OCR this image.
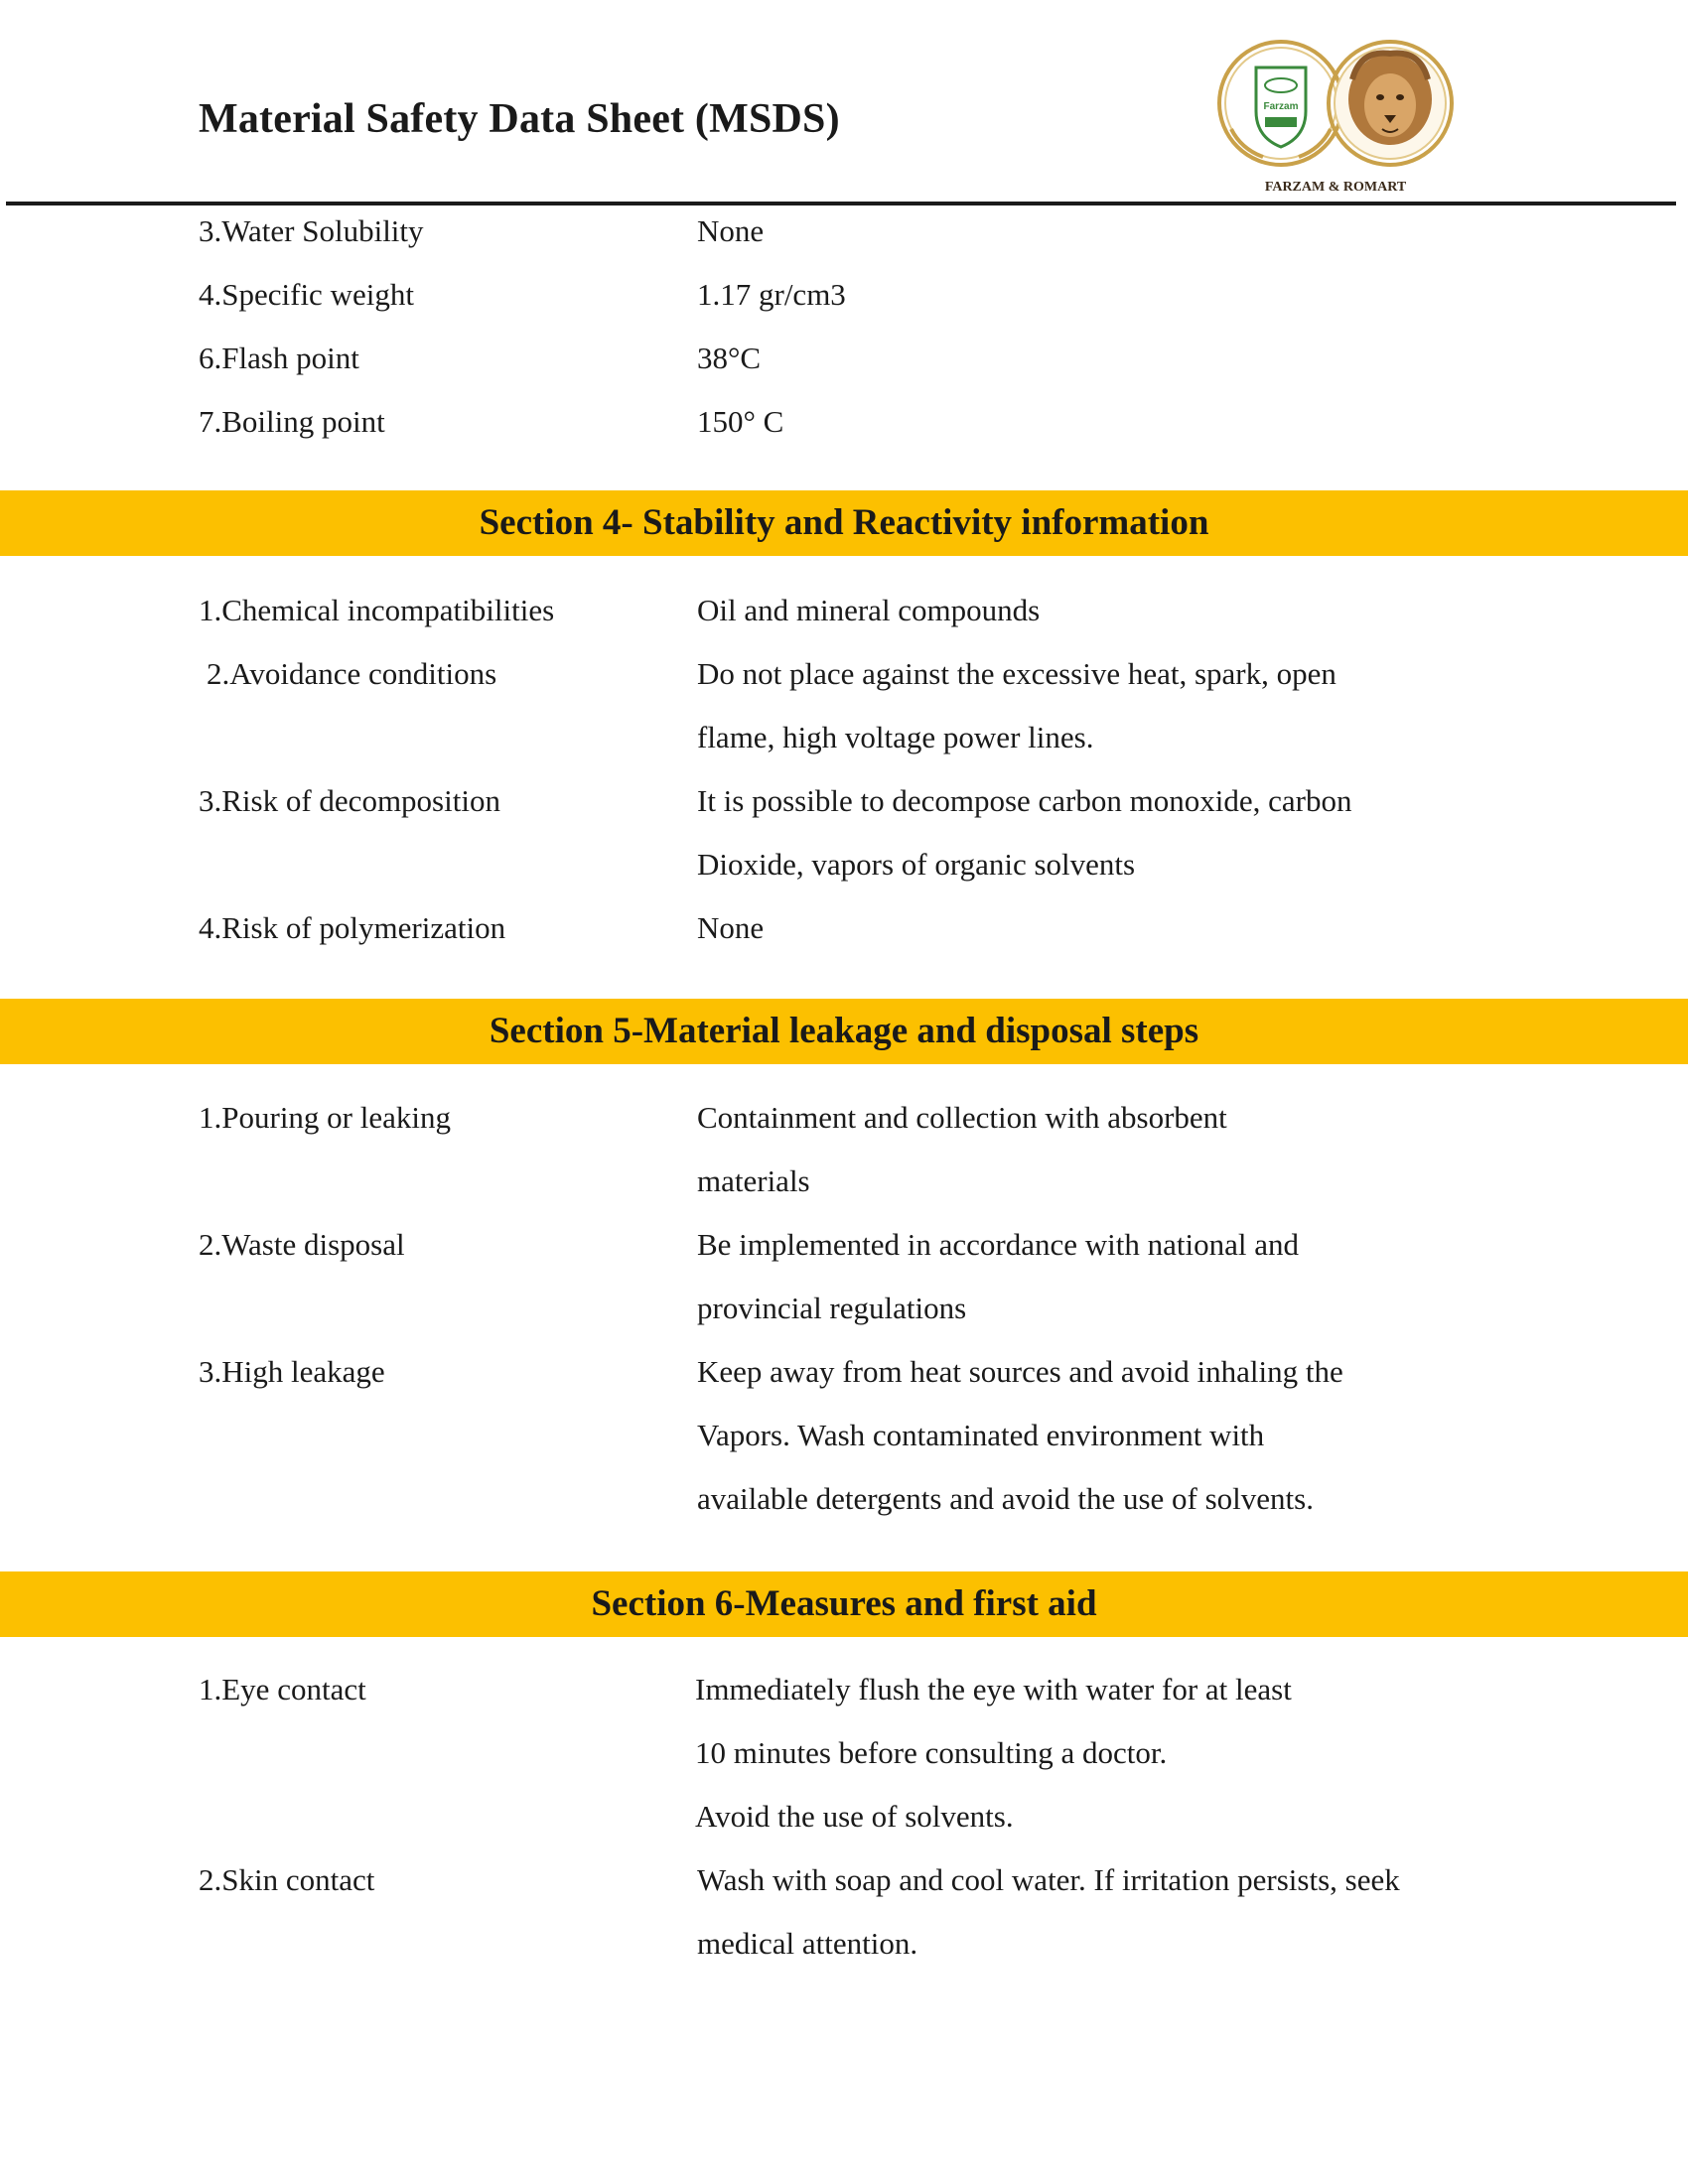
Material Safety Data Sheet (MSDS)	Farzam
FARZAM & ROMART
3.Water Solubility	None
4.Specific weight	1.17 gr/cm3
6.Flash point	38°C
7.Boiling point	150° C
Section 4- Stability and Reactivity information
1.Chemical incompatibilities	Oil and mineral compounds
2.Avoidance conditions	Do not place against the excessive heat, spark, open
flame, high voltage power lines.
3.Risk of decomposition	It is possible to decompose carbon monoxide, carbon
Dioxide, vapors of organic solvents
4.Risk of polymerization	None
Section 5-Material leakage and disposal steps
1.Pouring or leaking	Containment and collection with absorbent
materials
2.Waste disposal	Be implemented in accordance with national and
provincial regulations
3.High leakage	Keep away from heat sources and avoid inhaling the
Vapors. Wash contaminated environment with
available detergents and avoid the use of solvents.
Section 6-Measures and first aid
1.Eye contact	Immediately flush the eye with water for at least
10 minutes before consulting a doctor.
Avoid the use of solvents.
2.Skin contact	Wash with soap and cool water. If irritation persists, seek
medical attention.
